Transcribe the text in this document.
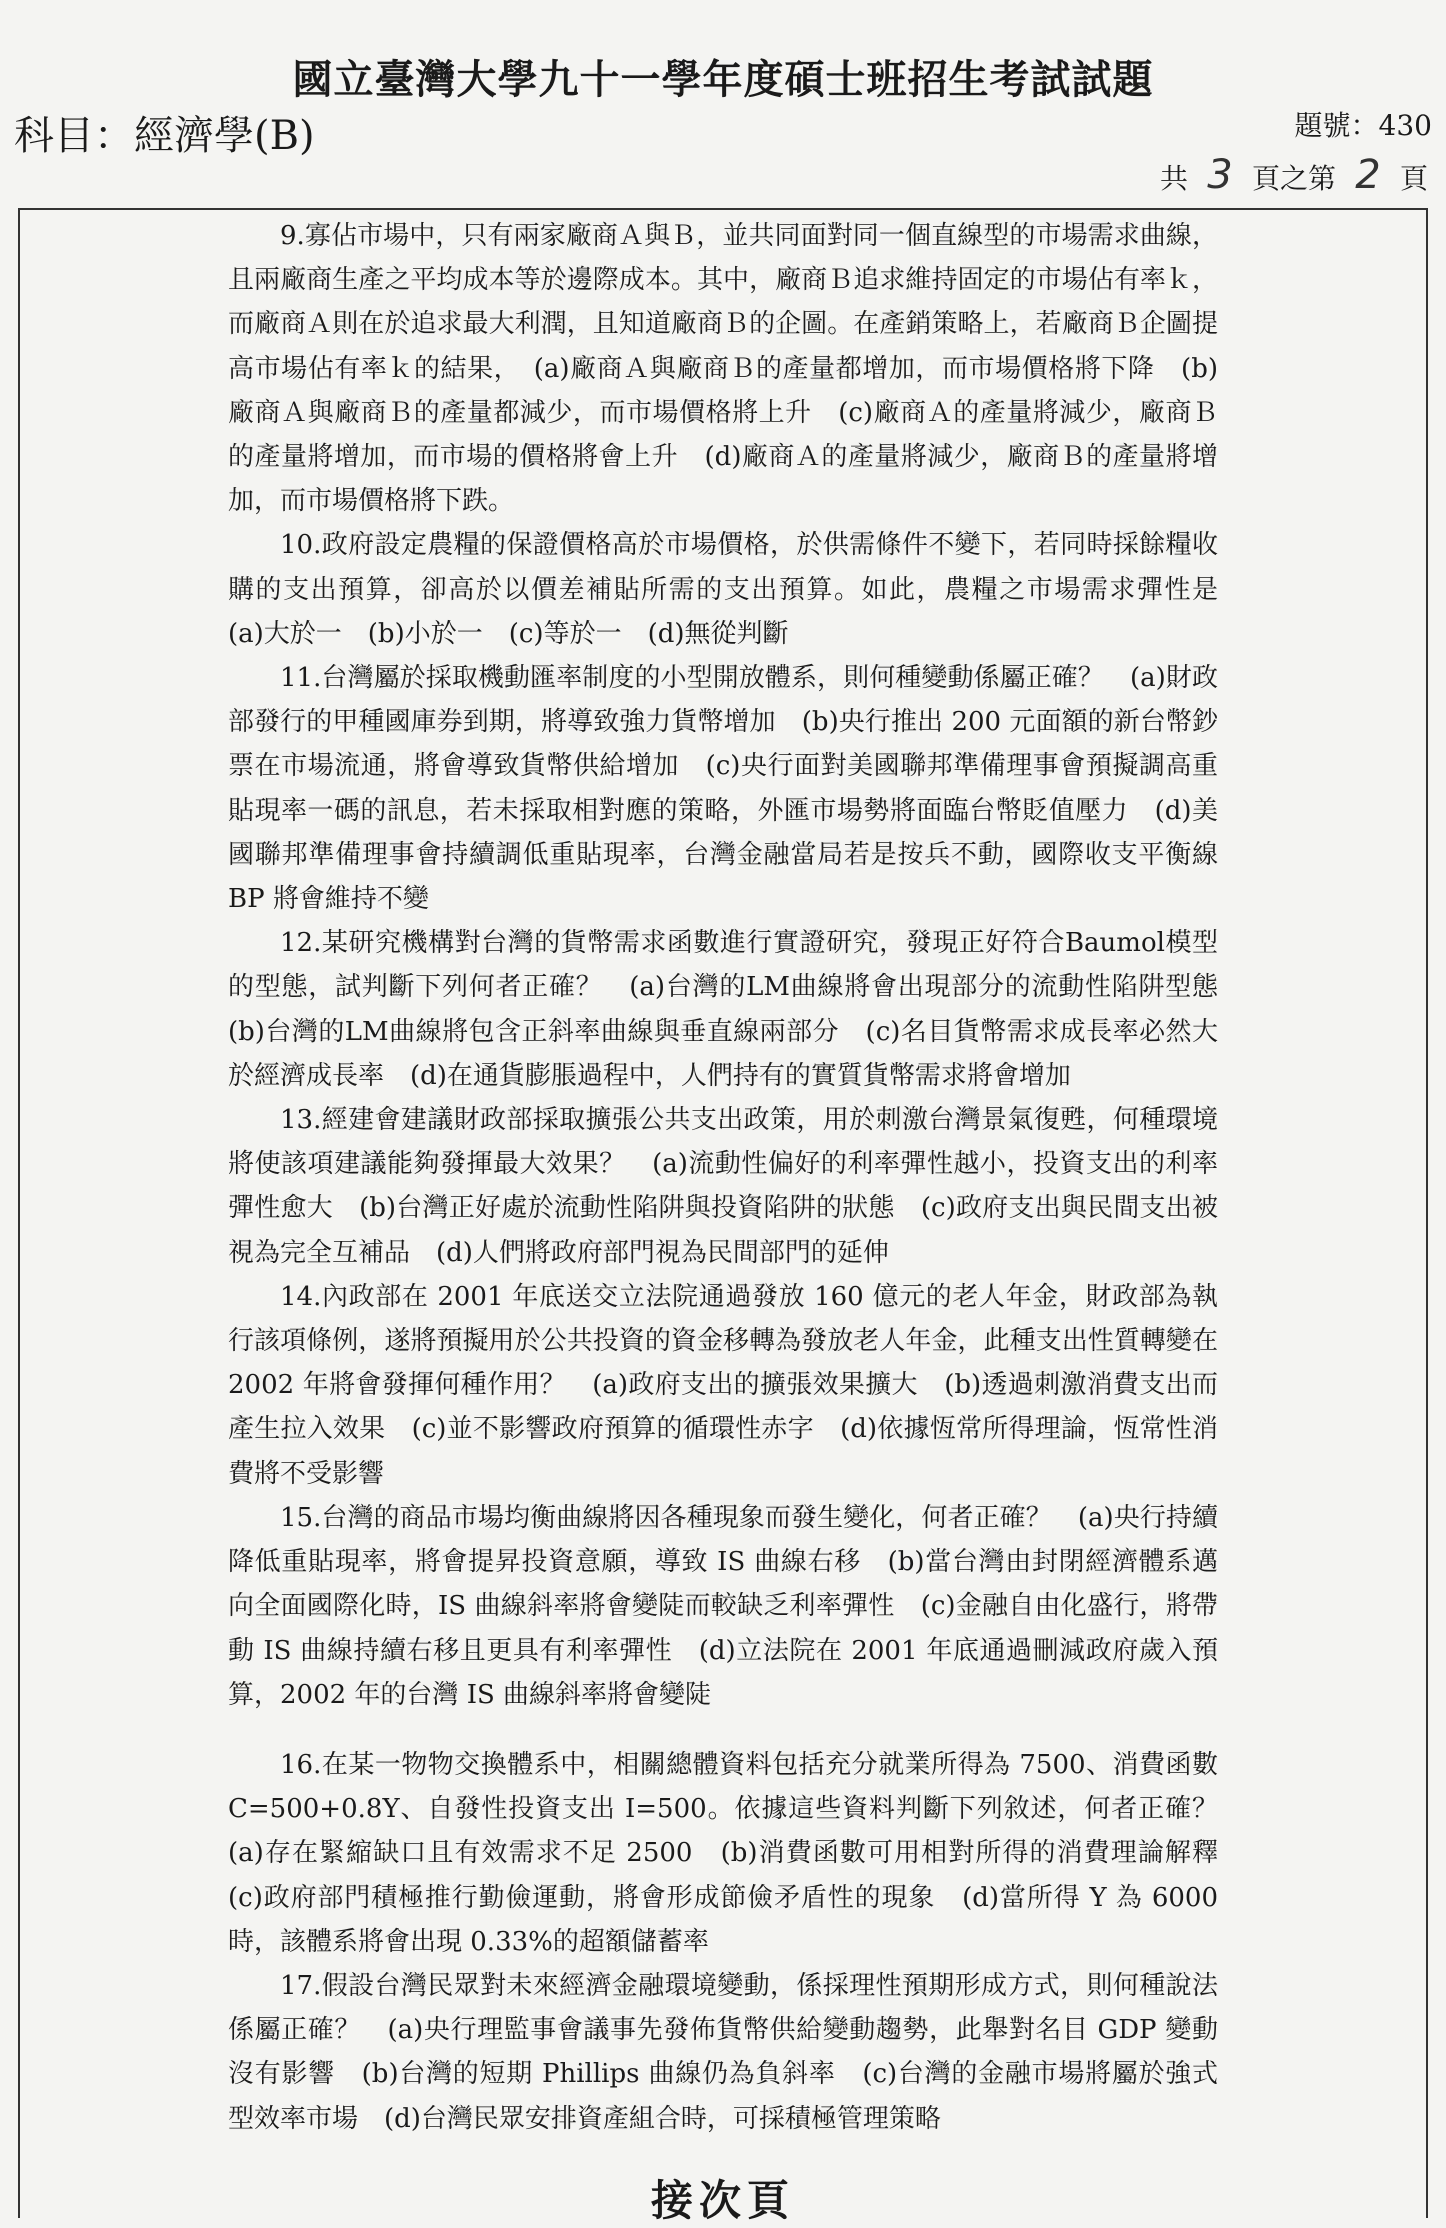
國立臺灣大學九十一學年度碩士班招生考試試題
科目：經濟學(B)	題號：430
共 3 頁之第 2 頁

9.寡佔市場中，只有兩家廠商Ａ與Ｂ，並共同面對同一個直線型的市場需求曲線，且兩廠商生產之平均成本等於邊際成本。其中，廠商Ｂ追求維持固定的市場佔有率ｋ，而廠商Ａ則在於追求最大利潤，且知道廠商Ｂ的企圖。在產銷策略上，若廠商Ｂ企圖提高市場佔有率ｋ的結果，　(a)廠商Ａ與廠商Ｂ的產量都增加，而市場價格將下降　(b)廠商Ａ與廠商Ｂ的產量都減少，而市場價格將上升　(c)廠商Ａ的產量將減少，廠商Ｂ的產量將增加，而市場的價格將會上升　(d)廠商Ａ的產量將減少，廠商Ｂ的產量將增加，而市場價格將下跌。

10.政府設定農糧的保證價格高於市場價格，於供需條件不變下，若同時採餘糧收購的支出預算，卻高於以價差補貼所需的支出預算。如此，農糧之市場需求彈性是　(a)大於一　(b)小於一　(c)等於一　(d)無從判斷

11.台灣屬於採取機動匯率制度的小型開放體系，則何種變動係屬正確？　(a)財政部發行的甲種國庫券到期，將導致強力貨幣增加　(b)央行推出 200 元面額的新台幣鈔票在市場流通，將會導致貨幣供給增加　(c)央行面對美國聯邦準備理事會預擬調高重貼現率一碼的訊息，若未採取相對應的策略，外匯市場勢將面臨台幣貶值壓力　(d)美國聯邦準備理事會持續調低重貼現率，台灣金融當局若是按兵不動，國際收支平衡線 BP 將會維持不變

12.某研究機構對台灣的貨幣需求函數進行實證研究，發現正好符合Baumol模型的型態，試判斷下列何者正確？　(a)台灣的LM曲線將會出現部分的流動性陷阱型態　(b)台灣的LM曲線將包含正斜率曲線與垂直線兩部分　(c)名目貨幣需求成長率必然大於經濟成長率　(d)在通貨膨脹過程中，人們持有的實質貨幣需求將會增加

13.經建會建議財政部採取擴張公共支出政策，用於刺激台灣景氣復甦，何種環境將使該項建議能夠發揮最大效果？　(a)流動性偏好的利率彈性越小，投資支出的利率彈性愈大　(b)台灣正好處於流動性陷阱與投資陷阱的狀態　(c)政府支出與民間支出被視為完全互補品　(d)人們將政府部門視為民間部門的延伸

14.內政部在 2001 年底送交立法院通過發放 160 億元的老人年金，財政部為執行該項條例，遂將預擬用於公共投資的資金移轉為發放老人年金，此種支出性質轉變在 2002 年將會發揮何種作用？　(a)政府支出的擴張效果擴大　(b)透過刺激消費支出而產生拉入效果　(c)並不影響政府預算的循環性赤字　(d)依據恆常所得理論，恆常性消費將不受影響

15.台灣的商品市場均衡曲線將因各種現象而發生變化，何者正確？　(a)央行持續降低重貼現率，將會提昇投資意願，導致 IS 曲線右移　(b)當台灣由封閉經濟體系邁向全面國際化時，IS 曲線斜率將會變陡而較缺乏利率彈性　(c)金融自由化盛行，將帶動 IS 曲線持續右移且更具有利率彈性　(d)立法院在 2001 年底通過刪減政府歲入預算，2002 年的台灣 IS 曲線斜率將會變陡

16.在某一物物交換體系中，相關總體資料包括充分就業所得為 7500、消費函數 C=500+0.8Y、自發性投資支出 I=500。依據這些資料判斷下列敘述，何者正確？　(a)存在緊縮缺口且有效需求不足 2500　(b)消費函數可用相對所得的消費理論解釋　(c)政府部門積極推行勤儉運動，將會形成節儉矛盾性的現象　(d)當所得 Y 為 6000 時，該體系將會出現 0.33%的超額儲蓄率

17.假設台灣民眾對未來經濟金融環境變動，係採理性預期形成方式，則何種說法係屬正確？　(a)央行理監事會議事先發佈貨幣供給變動趨勢，此舉對名目 GDP 變動沒有影響　(b)台灣的短期 Phillips 曲線仍為負斜率　(c)台灣的金融市場將屬於強式型效率市場　(d)台灣民眾安排資產組合時，可採積極管理策略

接次頁
